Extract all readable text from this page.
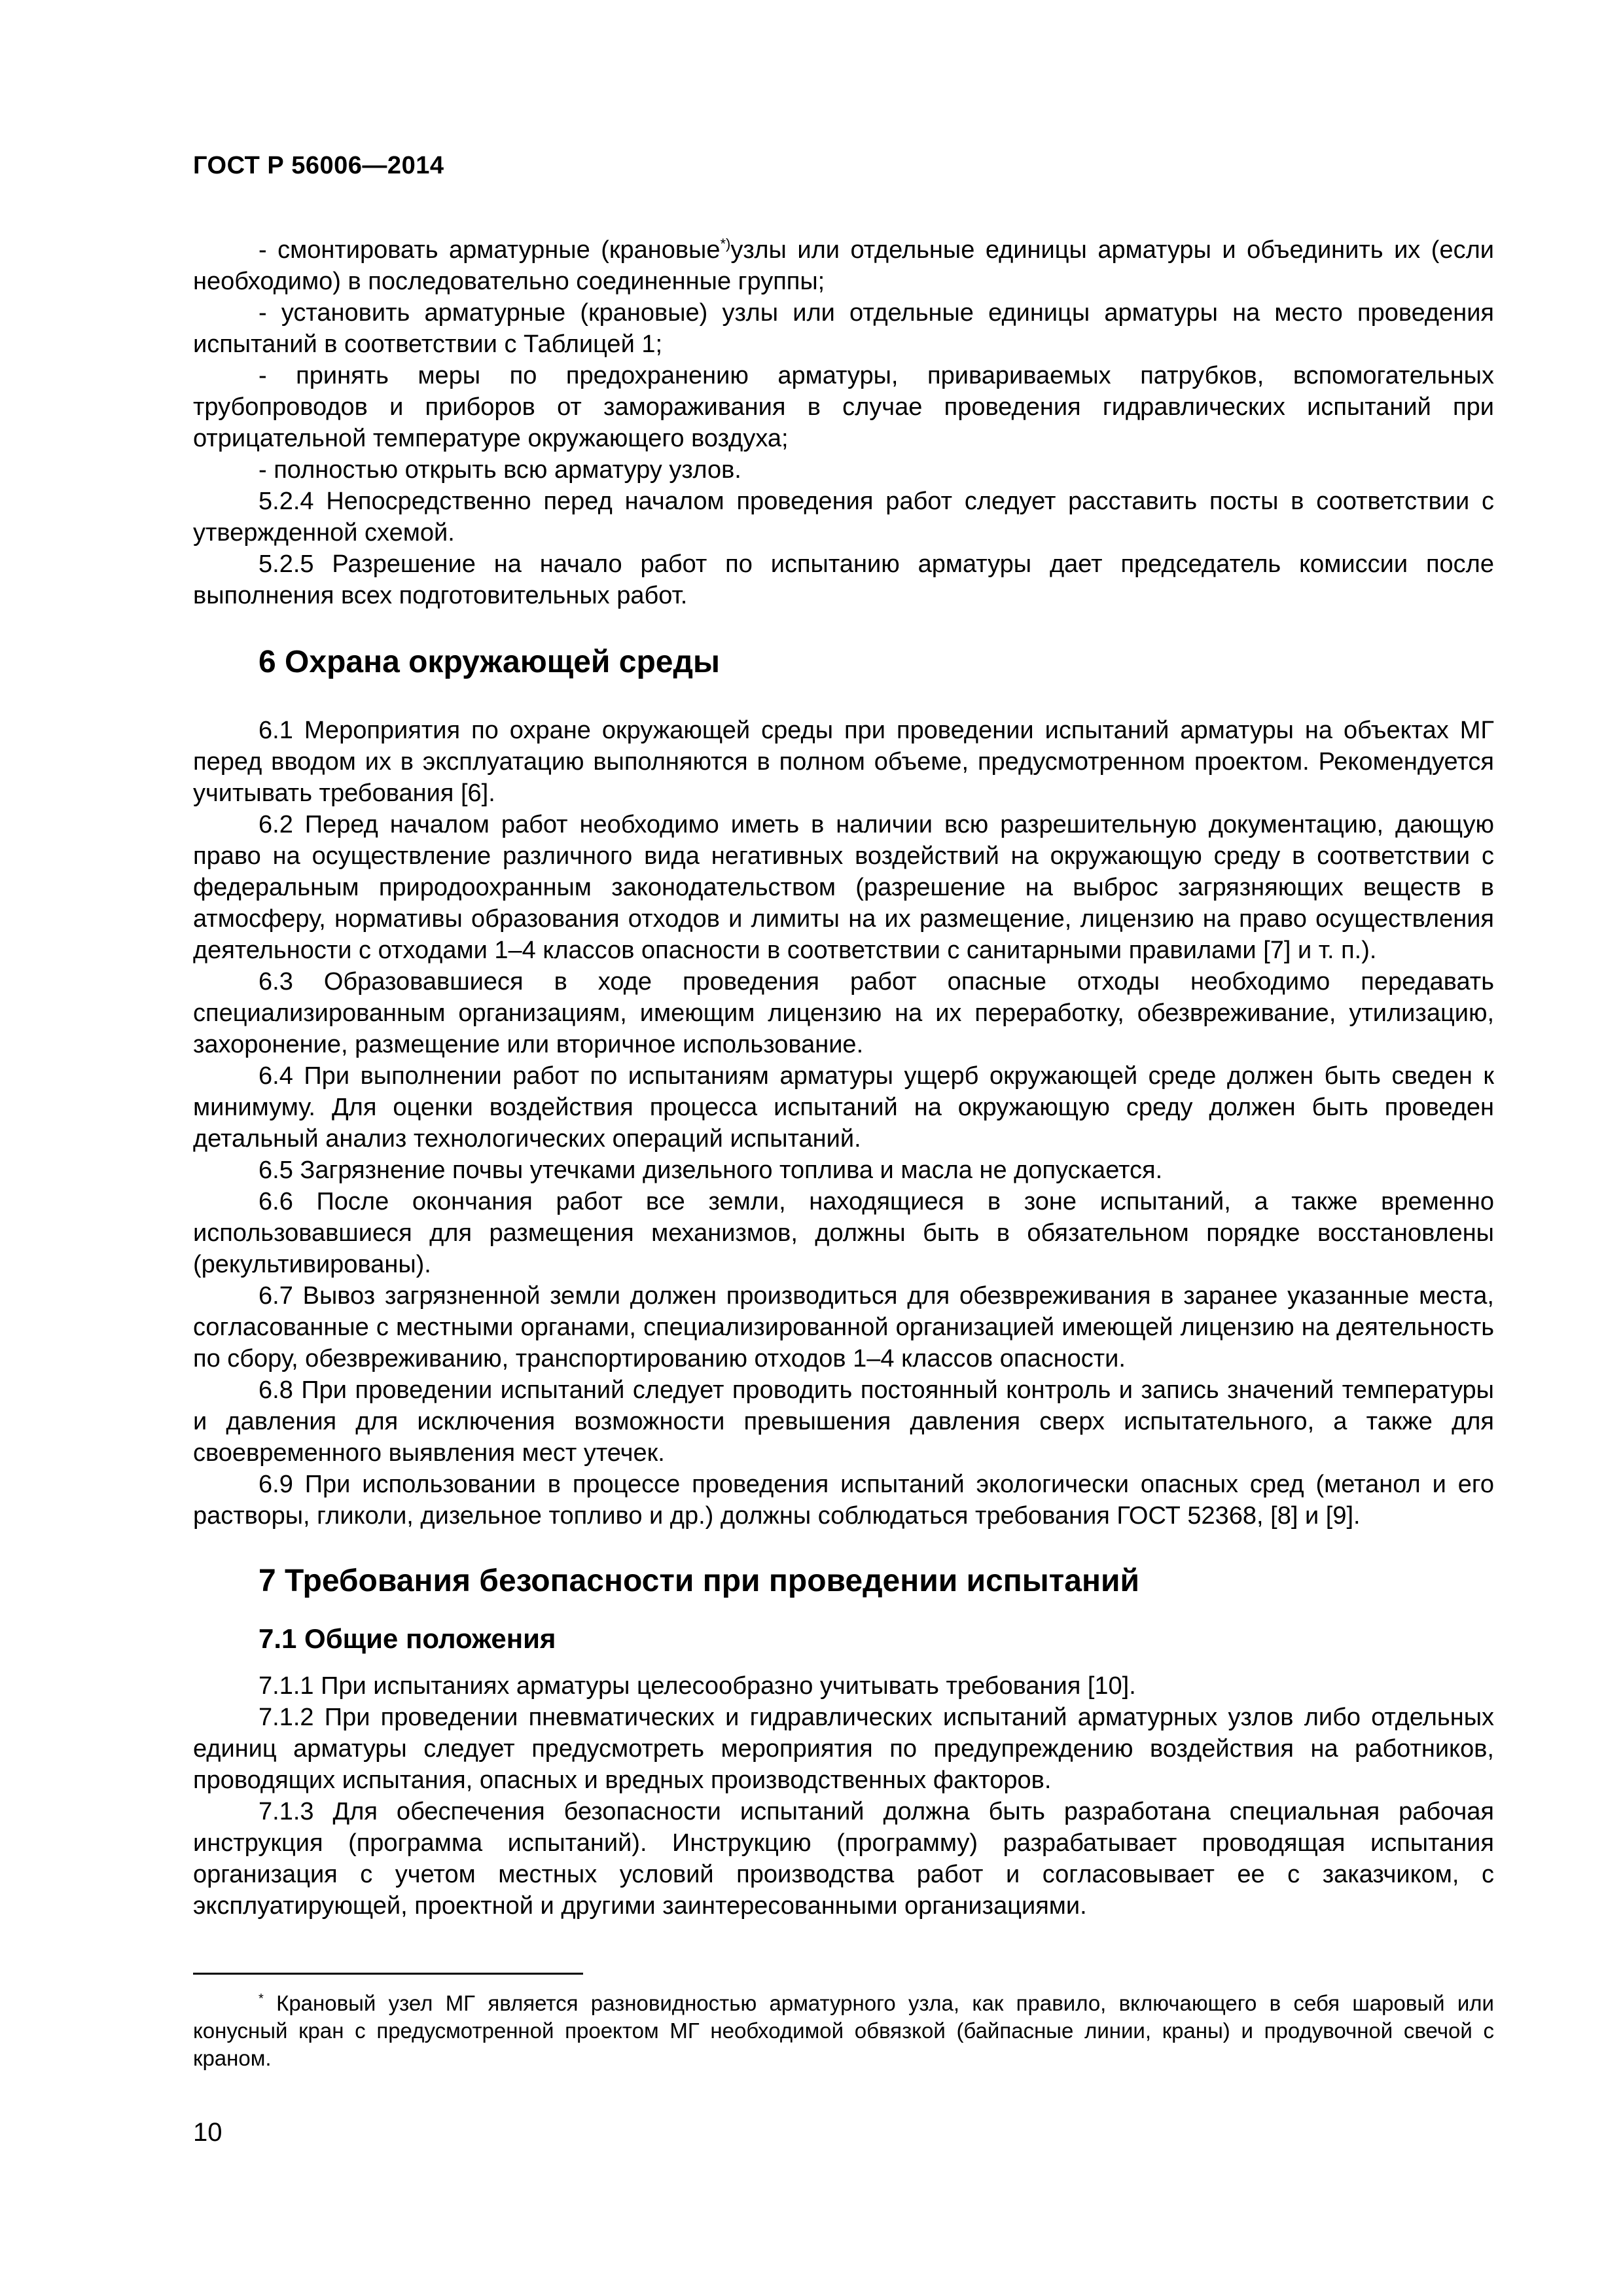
ГОСТ Р 56006—2014

- смонтировать арматурные (крановые*)узлы или отдельные единицы арматуры и объединить их (если необходимо) в последовательно соединенные группы;

- установить арматурные (крановые) узлы или отдельные единицы арматуры на место проведения испытаний в соответствии с Таблицей 1;

- принять меры по предохранению арматуры, привариваемых патрубков, вспомогательных трубопроводов и приборов от замораживания в случае проведения гидравлических испытаний при отрицательной температуре окружающего воздуха;

- полностью открыть всю арматуру узлов.

5.2.4 Непосредственно перед началом проведения работ следует расставить посты в соответствии с утвержденной схемой.

5.2.5 Разрешение на начало работ по испытанию арматуры дает председатель комиссии после выполнения всех подготовительных работ.

6 Охрана окружающей среды

6.1 Мероприятия по охране окружающей среды при проведении испытаний арматуры на объектах МГ перед вводом их в эксплуатацию выполняются в полном объеме, предусмотренном проектом. Рекомендуется учитывать требования [6].

6.2 Перед началом работ необходимо иметь в наличии всю разрешительную документацию, дающую право на осуществление различного вида негативных воздействий на окружающую среду в соответствии с федеральным природоохранным законодательством (разрешение на выброс загрязняющих веществ в атмосферу, нормативы образования отходов и лимиты на их размещение, лицензию на право осуществления деятельности с отходами 1–4 классов опасности в соответствии с санитарными правилами [7] и т. п.).

6.3 Образовавшиеся в ходе проведения работ опасные отходы необходимо передавать специализированным организациям, имеющим лицензию на их переработку, обезвреживание, утилизацию, захоронение, размещение или вторичное использование.

6.4 При выполнении работ по испытаниям арматуры ущерб окружающей среде должен быть сведен к минимуму. Для оценки воздействия процесса испытаний на окружающую среду должен быть проведен детальный анализ технологических операций испытаний.

6.5 Загрязнение почвы утечками дизельного топлива и масла не допускается.

6.6 После окончания работ все земли, находящиеся в зоне испытаний, а также временно использовавшиеся для размещения механизмов, должны быть в обязательном порядке восстановлены (рекультивированы).

6.7 Вывоз загрязненной земли должен производиться для обезвреживания в заранее указанные места, согласованные с местными органами, специализированной организацией имеющей лицензию на деятельность по сбору, обезвреживанию, транспортированию отходов 1–4 классов опасности.

6.8 При проведении испытаний следует проводить постоянный контроль и запись значений температуры и давления для исключения возможности превышения давления сверх испытательного, а также для своевременного выявления мест утечек.

6.9 При использовании в процессе проведения испытаний экологически опасных сред (метанол и его растворы, гликоли, дизельное топливо и др.) должны соблюдаться требования ГОСТ 52368, [8] и [9].

7 Требования безопасности при проведении испытаний
7.1 Общие положения

7.1.1 При испытаниях арматуры целесообразно учитывать требования [10].

7.1.2 При проведении пневматических и гидравлических испытаний арматурных узлов либо отдельных единиц арматуры следует предусмотреть мероприятия по предупреждению воздействия на работников, проводящих испытания, опасных и вредных производственных факторов.

7.1.3 Для обеспечения безопасности испытаний должна быть разработана специальная рабочая инструкция (программа испытаний). Инструкцию (программу) разрабатывает проводящая испытания организация с учетом местных условий производства работ и согласовывает ее с заказчиком, с эксплуатирующей, проектной и другими заинтересованными организациями.

* Крановый узел МГ является разновидностью арматурного узла, как правило, включающего в себя шаровый или конусный кран с предусмотренной проектом МГ необходимой обвязкой (байпасные линии, краны) и продувочной свечой с краном.
10
